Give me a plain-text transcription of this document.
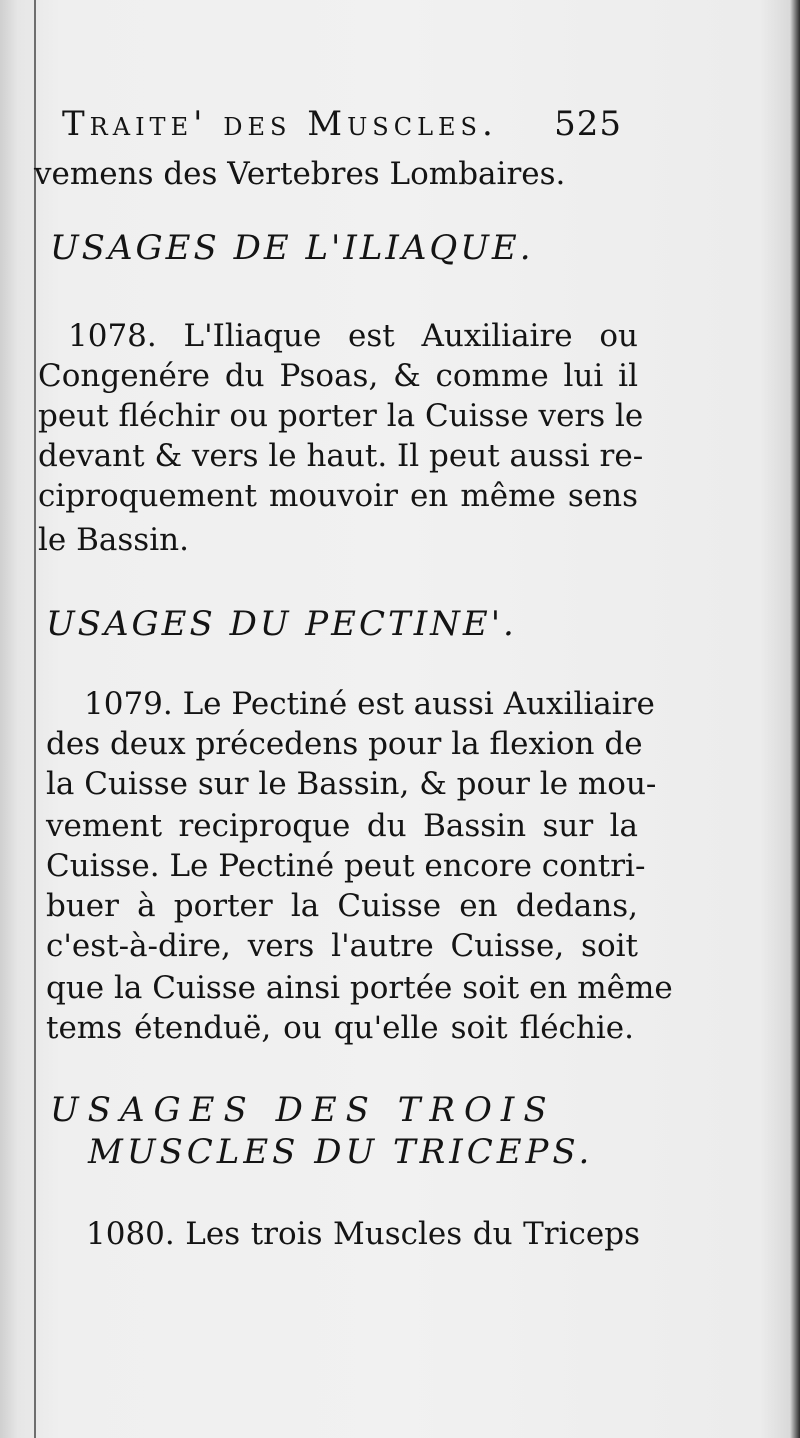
Traite' des Muscles. 525
vemens des Vertebres Lombaires.
USAGES DE L'ILIAQUE.
1078. L'Iliaque est Auxiliaire ou
Congenére du Psoas, & comme lui il
peut fléchir ou porter la Cuisse vers le
devant & vers le haut. Il peut aussi re-
ciproquement mouvoir en même sens
le Bassin.
USAGES DU PECTINE'.
1079. Le Pectiné est aussi Auxiliaire
des deux précedens pour la flexion de
la Cuisse sur le Bassin, & pour le mou-
vement reciproque du Bassin sur la
Cuisse. Le Pectiné peut encore contri-
buer à porter la Cuisse en dedans,
c'est-à-dire, vers l'autre Cuisse, soit
que la Cuisse ainsi portée soit en même
tems étenduë, ou qu'elle soit fléchie.
USAGES DES TROIS
MUSCLES DU TRICEPS.
1080. Les trois Muscles du Triceps
